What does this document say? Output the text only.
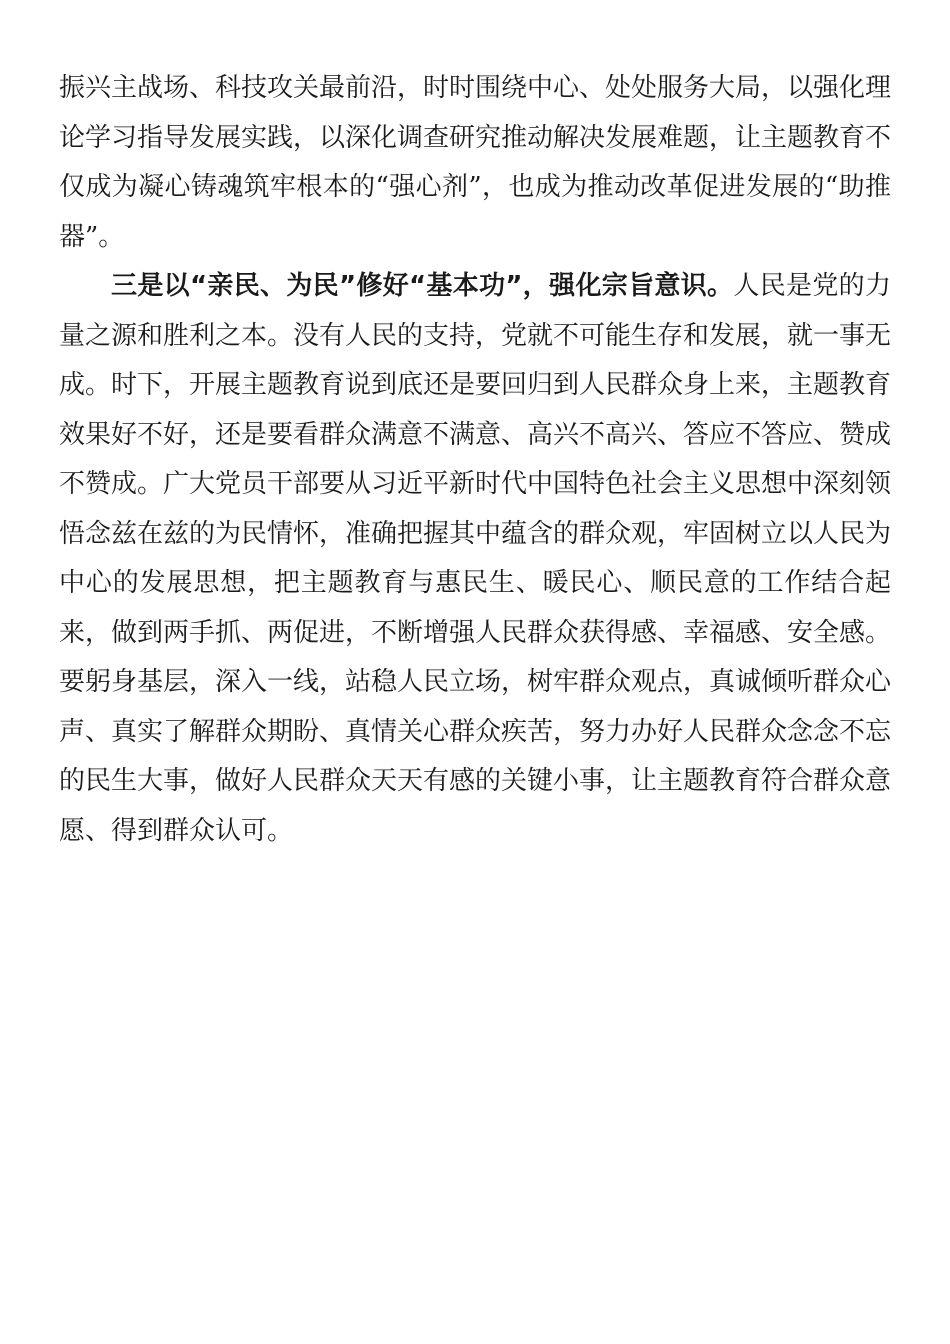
振兴主战场、科技攻关最前沿，时时围绕中心、处处服务大局，以强化理论学习指导发展实践，以深化调查研究推动解决发展难题，让主题教育不仅成为凝心铸魂筑牢根本的“强心剂”，也成为推动改革促进发展的“助推器”。

三是以“亲民、为民”修好“基本功”，强化宗旨意识。人民是党的力量之源和胜利之本。没有人民的支持，党就不可能生存和发展，就一事无成。时下，开展主题教育说到底还是要回归到人民群众身上来，主题教育效果好不好，还是要看群众满意不满意、高兴不高兴、答应不答应、赞成不赞成。广大党员干部要从习近平新时代中国特色社会主义思想中深刻领悟念兹在兹的为民情怀，准确把握其中蕴含的群众观，牢固树立以人民为中心的发展思想，把主题教育与惠民生、暖民心、顺民意的工作结合起来，做到两手抓、两促进，不断增强人民群众获得感、幸福感、安全感。要躬身基层，深入一线，站稳人民立场，树牢群众观点，真诚倾听群众心声、真实了解群众期盼、真情关心群众疾苦，努力办好人民群众念念不忘的民生大事，做好人民群众天天有感的关键小事，让主题教育符合群众意愿、得到群众认可。
